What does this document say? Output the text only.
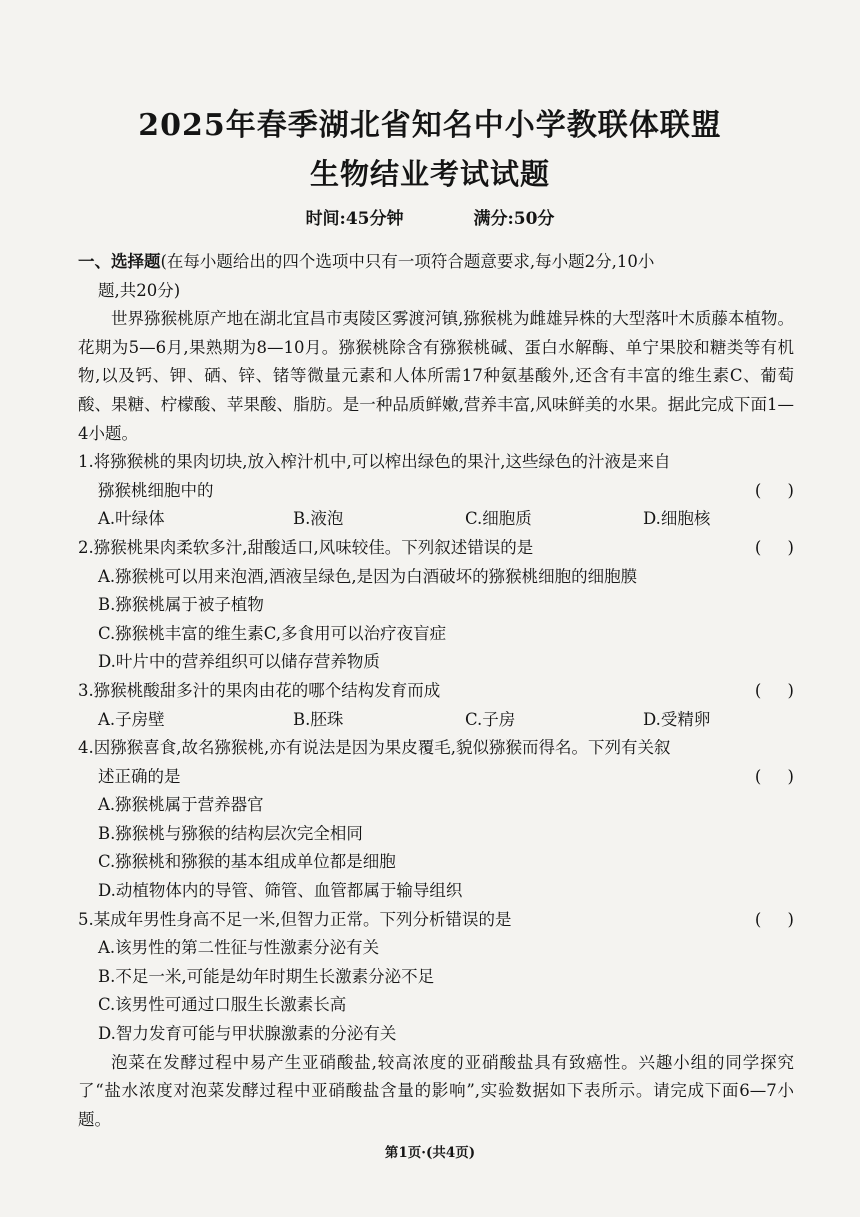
2025年春季湖北省知名中小学教联体联盟
生物结业考试试题
时间:45分钟	满分:50分
一、选择题(在每小题给出的四个选项中只有一项符合题意要求,每小题2分,10小
题,共20分)

世界猕猴桃原产地在湖北宜昌市夷陵区雾渡河镇,猕猴桃为雌雄异株的大型落叶木质藤本植物。花期为5—6月,果熟期为8—10月。猕猴桃除含有猕猴桃碱、蛋白水解酶、单宁果胶和糖类等有机物,以及钙、钾、硒、锌、锗等微量元素和人体所需17种氨基酸外,还含有丰富的维生素C、葡萄酸、果糖、柠檬酸、苹果酸、脂肪。是一种品质鲜嫩,营养丰富,风味鲜美的水果。据此完成下面1—4小题。

1.将猕猴桃的果肉切块,放入榨汁机中,可以榨出绿色的果汁,这些绿色的汁液是来自
猕猴桃细胞中的	(     )
A.叶绿体	B.液泡	C.细胞质	D.细胞核
2.猕猴桃果肉柔软多汁,甜酸适口,风味较佳。下列叙述错误的是	(     )
A.猕猴桃可以用来泡酒,酒液呈绿色,是因为白酒破坏的猕猴桃细胞的细胞膜
B.猕猴桃属于被子植物
C.猕猴桃丰富的维生素C,多食用可以治疗夜盲症
D.叶片中的营养组织可以储存营养物质
3.猕猴桃酸甜多汁的果肉由花的哪个结构发育而成	(     )
A.子房壁	B.胚珠	C.子房	D.受精卵
4.因猕猴喜食,故名猕猴桃,亦有说法是因为果皮覆毛,貌似猕猴而得名。下列有关叙
述正确的是	(     )
A.猕猴桃属于营养器官
B.猕猴桃与猕猴的结构层次完全相同
C.猕猴桃和猕猴的基本组成单位都是细胞
D.动植物体内的导管、筛管、血管都属于输导组织
5.某成年男性身高不足一米,但智力正常。下列分析错误的是	(     )
A.该男性的第二性征与性激素分泌有关
B.不足一米,可能是幼年时期生长激素分泌不足
C.该男性可通过口服生长激素长高
D.智力发育可能与甲状腺激素的分泌有关

泡菜在发酵过程中易产生亚硝酸盐,较高浓度的亚硝酸盐具有致癌性。兴趣小组的同学探究了“盐水浓度对泡菜发酵过程中亚硝酸盐含量的影响”,实验数据如下表所示。请完成下面6—7小题。

第1页·(共4页)
